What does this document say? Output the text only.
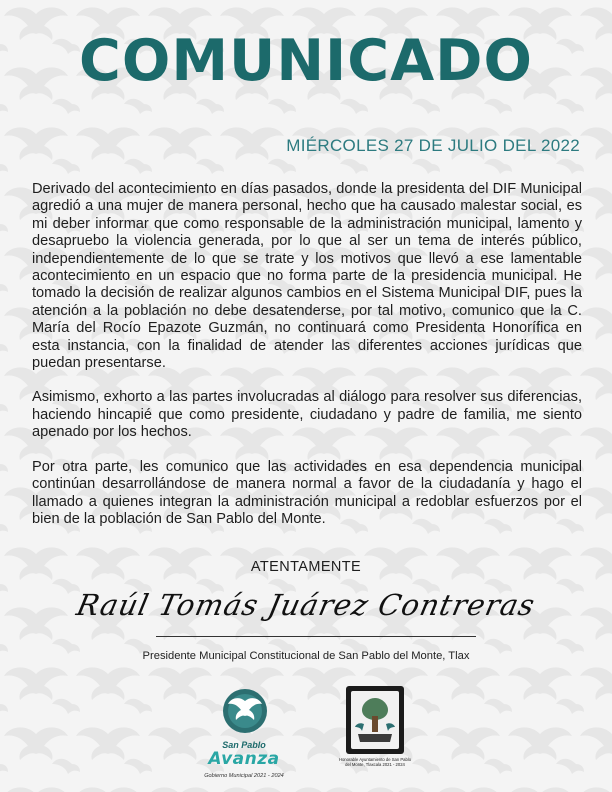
COMUNICADO
MIÉRCOLES 27 DE JULIO DEL 2022

Derivado del acontecimiento en días pasados, donde la presidenta del DIF Municipal agredió a una mujer de manera personal, hecho que ha causado malestar social, es mi deber informar que como responsable de la administración municipal, lamento y desapruebo la violencia generada, por lo que al ser un tema de interés público, independientemente de lo que se trate y los motivos que llevó a ese lamentable acontecimiento en un espacio que no forma parte de la presidencia municipal. He tomado la decisión de realizar algunos cambios en el Sistema Municipal DIF, pues la atención a la población no debe desatenderse, por tal motivo, comunico que la C. María del Rocío Epazote Guzmán, no continuará como Presidenta Honorífica en esta instancia, con la finalidad de atender las diferentes acciones jurídicas que puedan presentarse.

Asimismo, exhorto a las partes involucradas al diálogo para resolver sus diferencias, haciendo hincapié que como presidente, ciudadano y padre de familia, me siento apenado por los hechos.

Por otra parte, les comunico que las actividades en esa dependencia municipal continúan desarrollándose de manera normal a favor de la ciudadanía y hago el llamado a quienes integran la administración municipal a redoblar esfuerzos por el bien de la población de San Pablo del Monte.

ATENTAMENTE
Raúl Tomás Juárez Contreras
Presidente Municipal Constitucional de San Pablo del Monte, Tlax
San Pablo
Avanza
Gobierno Municipal 2021 - 2024
Honorable Ayuntamiento de San Pablo del Monte, Tlaxcala 2021 - 2024
